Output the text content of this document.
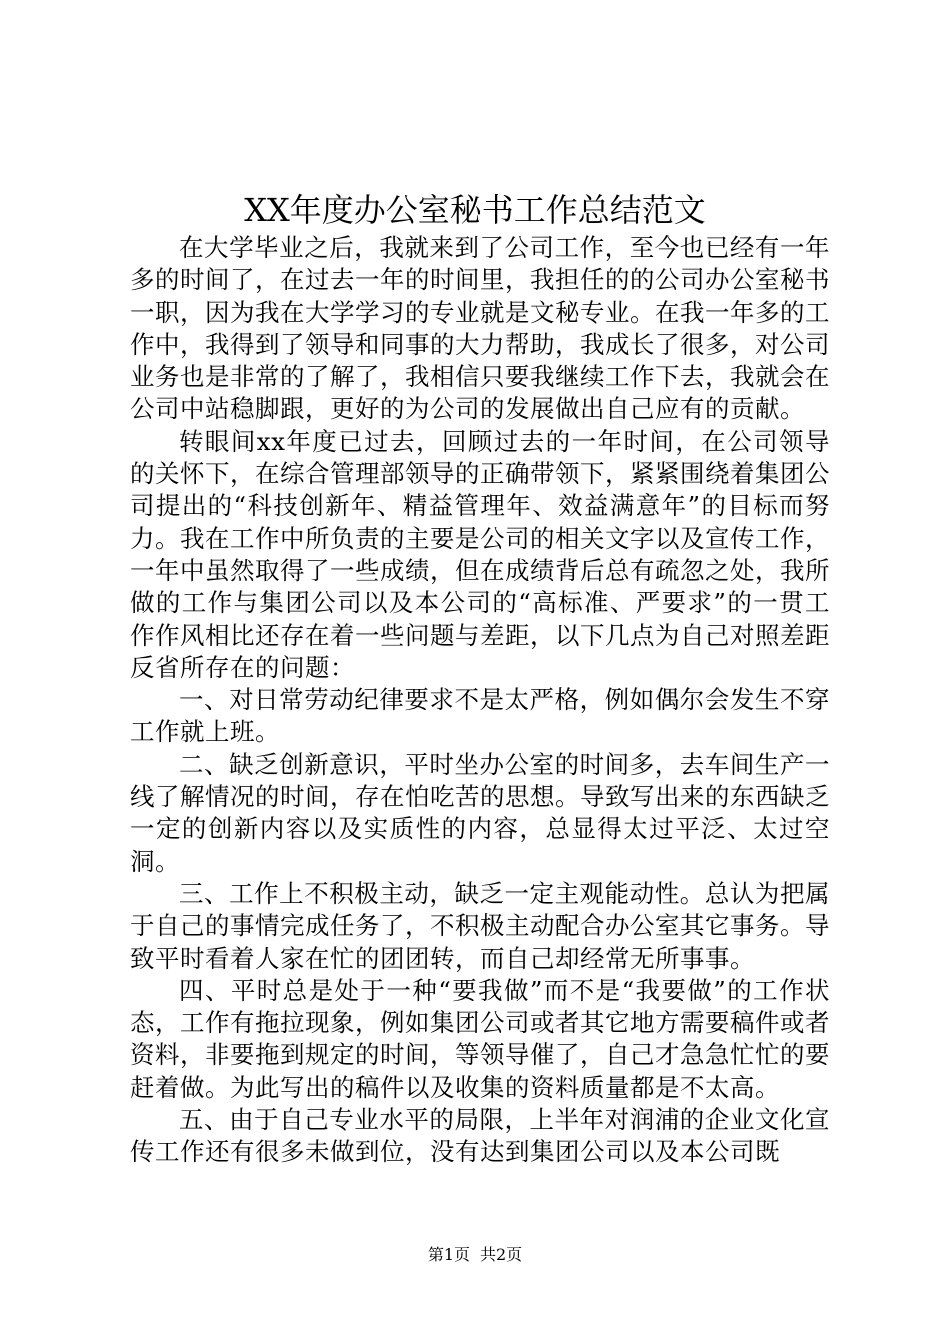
XX年度办公室秘书工作总结范文

在大学毕业之后，我就来到了公司工作，至今也已经有一年多的时间了，在过去一年的时间里，我担任的的公司办公室秘书一职，因为我在大学学习的专业就是文秘专业。在我一年多的工作中，我得到了领导和同事的大力帮助，我成长了很多，对公司业务也是非常的了解了，我相信只要我继续工作下去，我就会在公司中站稳脚跟，更好的为公司的发展做出自己应有的贡献。

转眼间xx年度已过去，回顾过去的一年时间，在公司领导的关怀下，在综合管理部领导的正确带领下，紧紧围绕着集团公司提出的“科技创新年、精益管理年、效益满意年”的目标而努力。我在工作中所负责的主要是公司的相关文字以及宣传工作，一年中虽然取得了一些成绩，但在成绩背后总有疏忽之处，我所做的工作与集团公司以及本公司的“高标准、严要求”的一贯工作作风相比还存在着一些问题与差距，以下几点为自己对照差距反省所存在的问题：

一、对日常劳动纪律要求不是太严格，例如偶尔会发生不穿工作就上班。

二、缺乏创新意识，平时坐办公室的时间多，去车间生产一线了解情况的时间，存在怕吃苦的思想。导致写出来的东西缺乏一定的创新内容以及实质性的内容，总显得太过平泛、太过空洞。

三、工作上不积极主动，缺乏一定主观能动性。总认为把属于自己的事情完成任务了，不积极主动配合办公室其它事务。导致平时看着人家在忙的团团转，而自己却经常无所事事。

四、平时总是处于一种“要我做”而不是“我要做”的工作状态，工作有拖拉现象，例如集团公司或者其它地方需要稿件或者资料，非要拖到规定的时间，等领导催了，自己才急急忙忙的要赶着做。为此写出的稿件以及收集的资料质量都是不太高。

五、由于自己专业水平的局限，上半年对润浦的企业文化宣传工作还有很多未做到位，没有达到集团公司以及本公司既

第1页 共2页
